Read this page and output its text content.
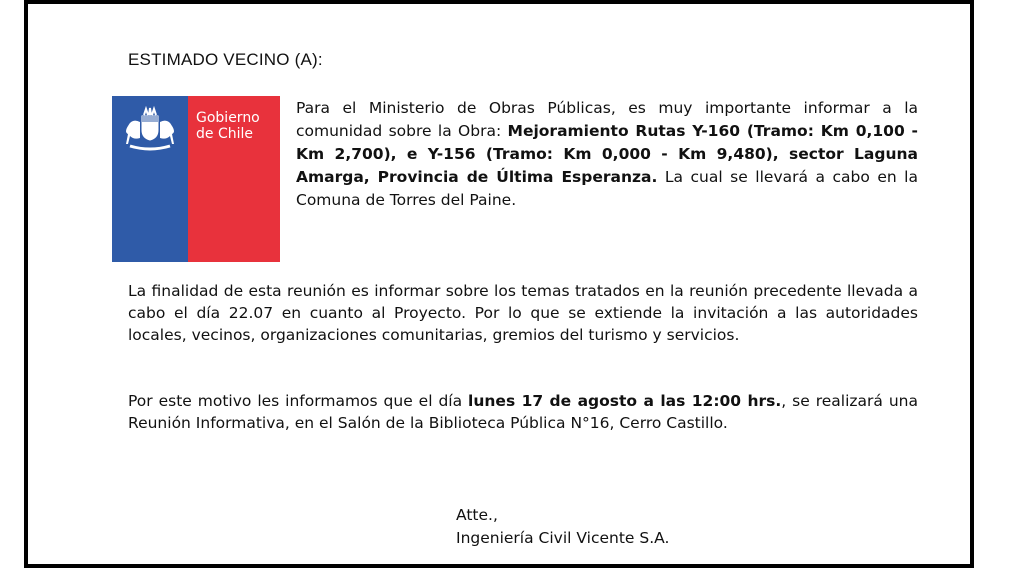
ESTIMADO VECINO (A):
Gobierno
de Chile
Para el Ministerio de Obras Públicas, es muy importante informar a la comunidad sobre la Obra: Mejoramiento Rutas Y-160 (Tramo: Km 0,100 - Km 2,700), e Y-156 (Tramo: Km 0,000 - Km 9,480), sector Laguna Amarga, Provincia de Última Esperanza. La cual se llevará a cabo en la Comuna de Torres del Paine.
La finalidad de esta reunión es informar sobre los temas tratados en la reunión precedente llevada a cabo el día 22.07 en cuanto al Proyecto. Por lo que se extiende la invitación a las autoridades locales, vecinos, organizaciones comunitarias, gremios del turismo y servicios.
Por este motivo les informamos que el día lunes 17 de agosto a las 12:00 hrs., se realizará una Reunión Informativa, en el Salón de la Biblioteca Pública N°16, Cerro Castillo.
Atte.,
Ingeniería Civil Vicente S.A.
